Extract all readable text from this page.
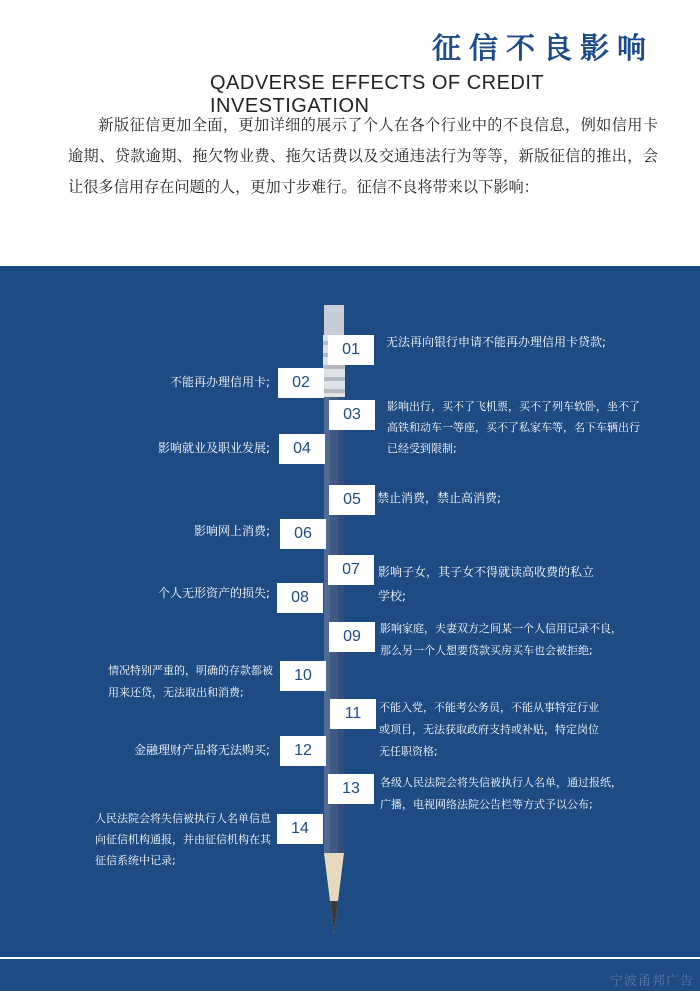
征信不良影响
QADVERSE EFFECTS OF CREDIT INVESTIGATION
新版征信更加全面，更加详细的展示了个人在各个行业中的不良信息，例如信用卡逾期、贷款逾期、拖欠物业费、拖欠话费以及交通违法行为等等，新版征信的推出，会让很多信用存在问题的人，更加寸步难行。征信不良将带来以下影响：
01	无法再向银行申请不能再办理信用卡贷款;
02
不能再办理信用卡;
03	影响出行，买不了飞机票，买不了列车软卧，坐不了高铁和动车一等座，买不了私家车等，名下车辆出行已经受到限制;
04
影响就业及职业发展;
05	禁止消费，禁止高消费;
06
影响网上消费;
07	影响子女，其子女不得就读高收费的私立学校;
08
个人无形资产的损失;
09	影响家庭，夫妻双方之间某一个人信用记录不良，那么另一个人想要贷款买房买车也会被拒绝;
10
情况特别严重的，明确的存款都被用来还贷，无法取出和消费;
11	不能入党，不能考公务员，不能从事特定行业或项目，无法获取政府支持或补贴，特定岗位无任职资格;
12
金融理财产品将无法购买;
13	各级人民法院会将失信被执行人名单，通过报纸，广播，电视网络法院公告栏等方式予以公布;
14
人民法院会将失信被执行人名单信息向征信机构通报，并由征信机构在其征信系统中记录;
宁波甬邦广告
